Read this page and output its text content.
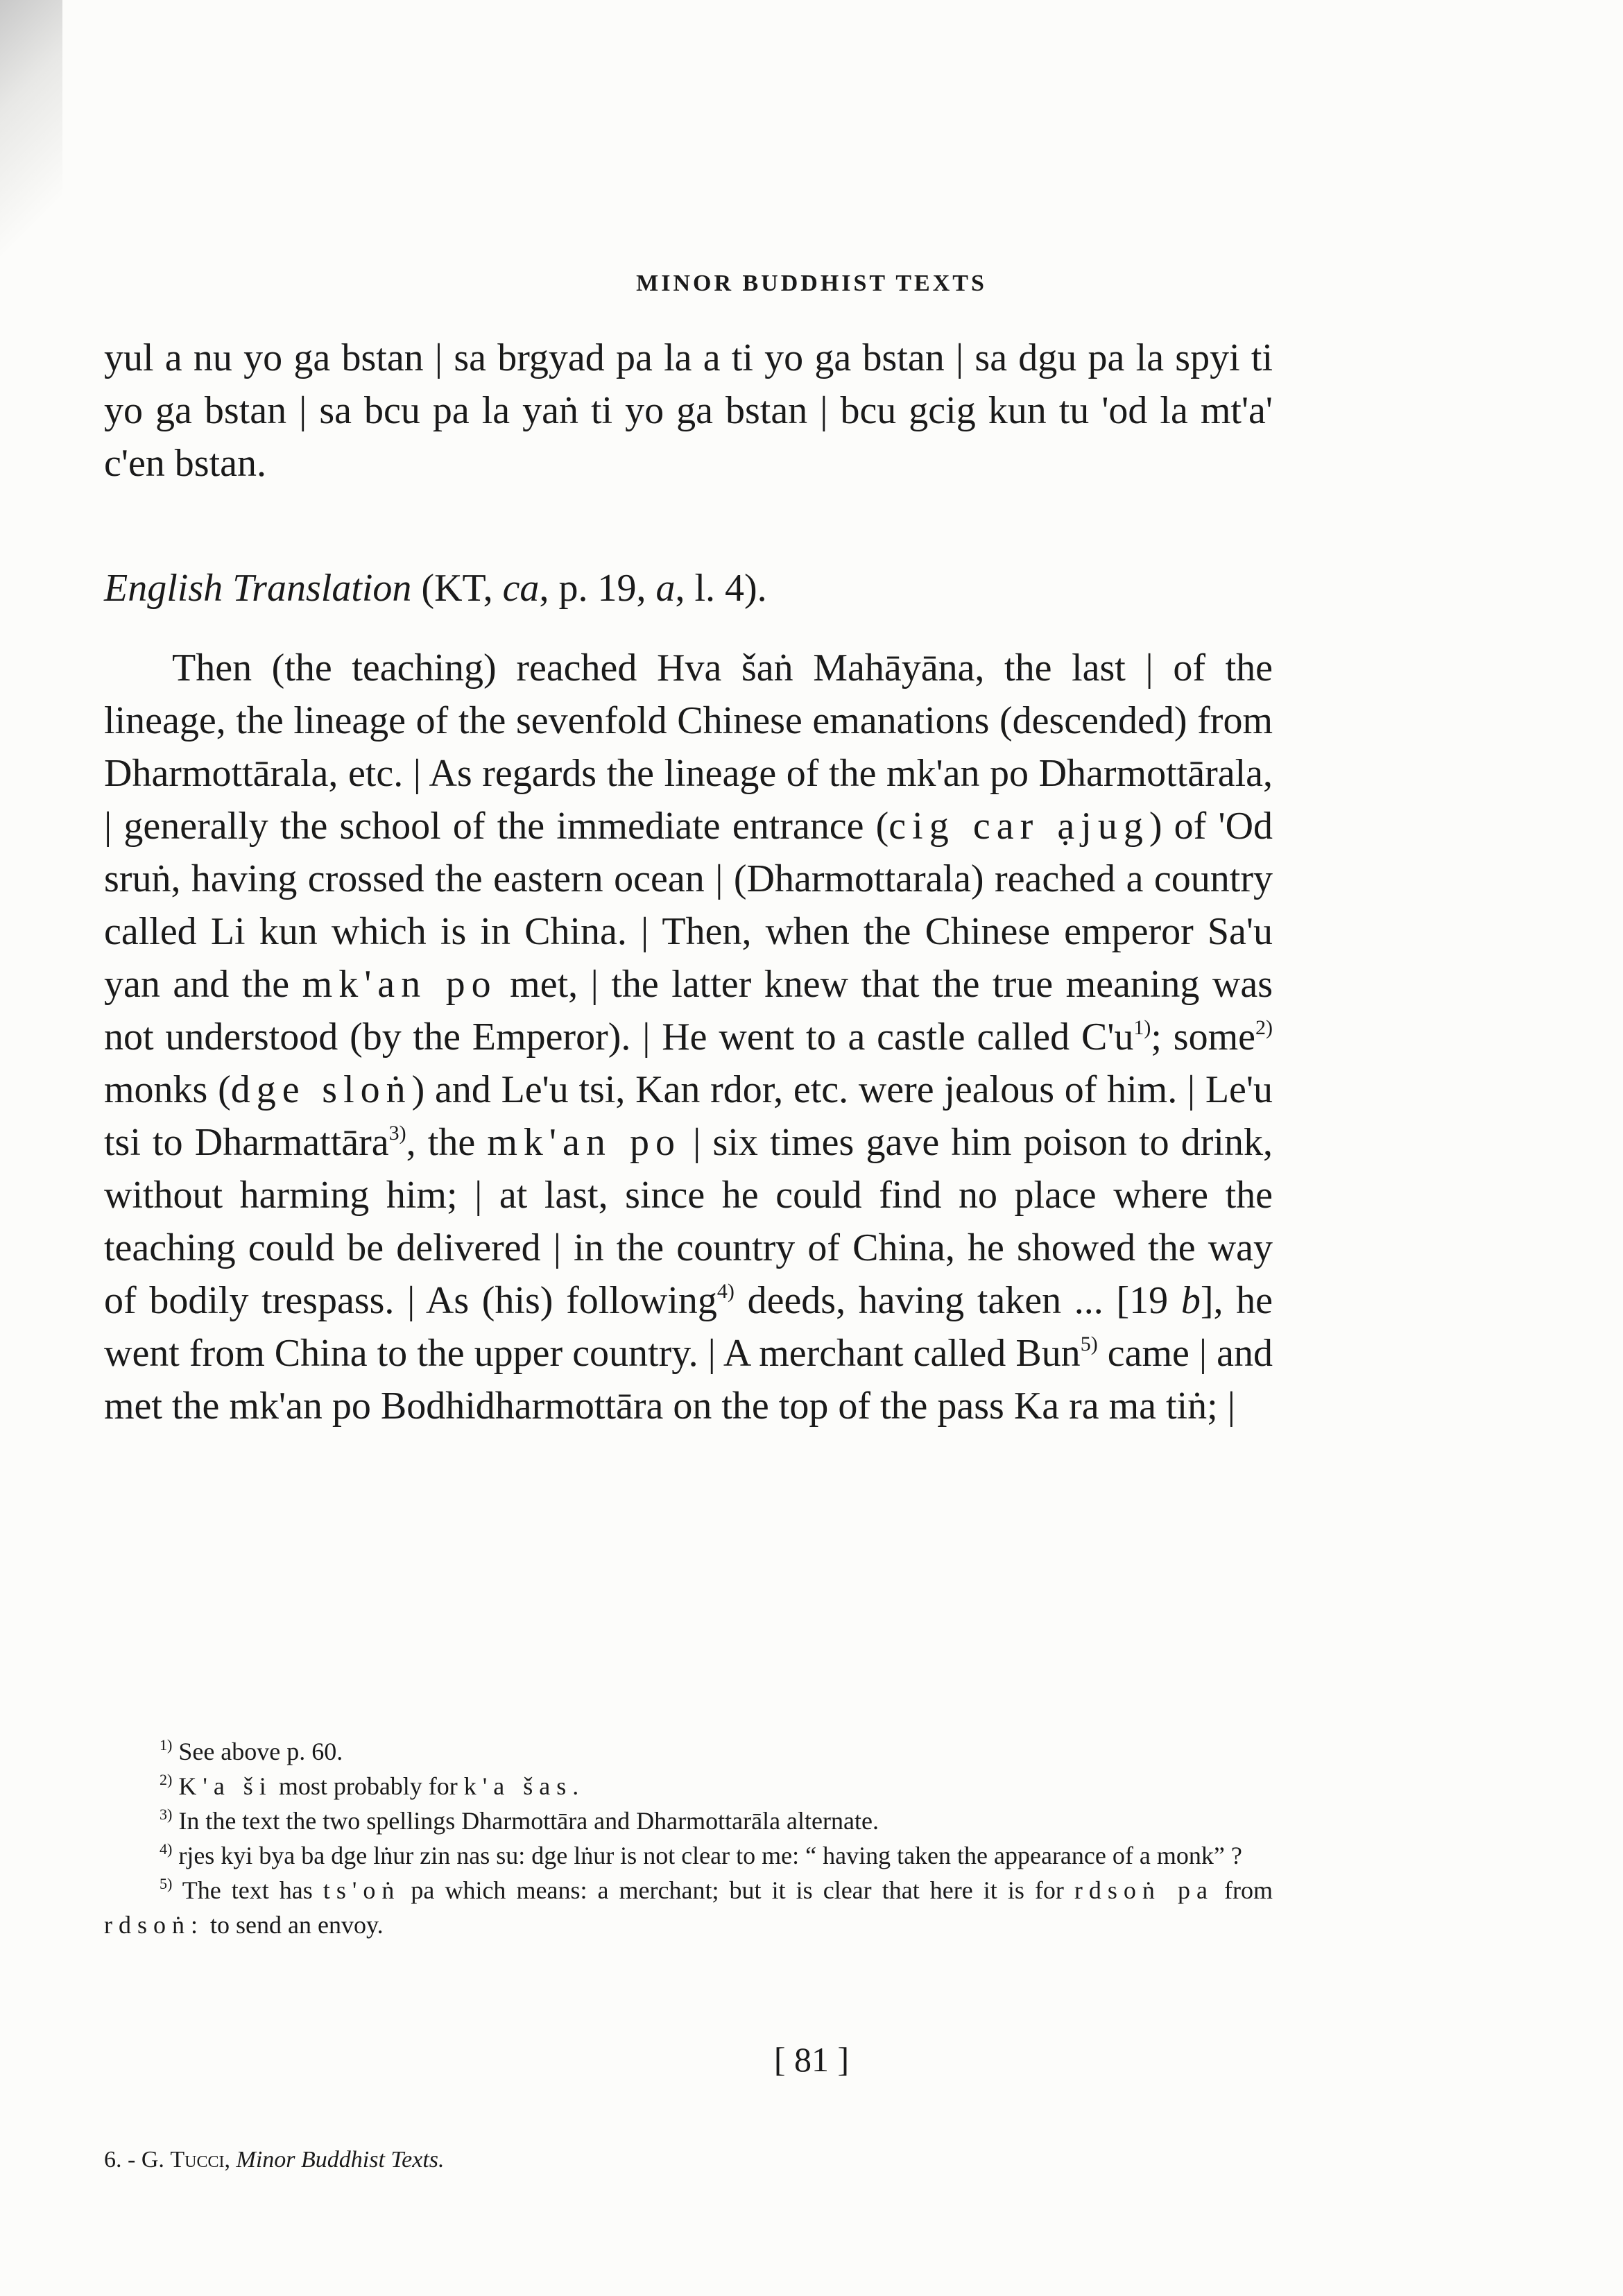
MINOR BUDDHIST TEXTS
yul a nu yo ga bstan | sa brgyad pa la a ti yo ga bstan | sa dgu pa la spyi ti yo ga bstan | sa bcu pa la yaṅ ti yo ga bstan | bcu gcig kun tu 'od la mt'a' c'en bstan.
English Translation (KT, ca, p. 19, a, l. 4).

Then (the teaching) reached Hva šaṅ Mahāyāna, the last | of the lineage, the lineage of the sevenfold Chinese emanations (descended) from Dharmottārala, etc. | As regards the lineage of the mk'an po Dharmottārala, | generally the school of the immediate entrance (cig car ạjug) of 'Od sruṅ, having crossed the eastern ocean | (Dharmottarala) reached a country called Li kun which is in China. | Then, when the Chinese emperor Sa'u yan and the mk'an po met, | the latter knew that the true meaning was not understood (by the Emperor). | He went to a castle called $C'u^{1)}$; some$^{2)}$ monks (dge sloṅ) and Le'u tsi, Kan rdor, etc. were jealous of him. | Le'u tsi to Dharmattāra$^{3)}$, the mk'an po | six times gave him poison to drink, without harming him; | at last, since he could find no place where the teaching could be delivered | in the country of China, he showed the way of bodily trespass. | As (his) following$^{4)}$ deeds, having taken ... [19 b], he went from China to the upper country. | A merchant called Bun$^{5)}$ came | and met the mk'an po Bodhidharmottāra on the top of the pass Ka ra ma tiṅ; |

$^{1)}$ See above p. 60.

$^{2)}$ K'a ši most probably for k'a šas.

$^{3)}$ In the text the two spellings Dharmottāra and Dharmottarāla alternate.

$^{4)}$ rjes kyi bya ba dge lṅur zin nas su: dge lṅur is not clear to me: “ having taken the appearance of a monk” ?

$^{5)}$ The text has ts'oṅ pa which means: a merchant; but it is clear that here it is for rdsoṅ pa from rdsoṅ: to send an envoy.

[ 81 ]
6. - G. Tucci, Minor Buddhist Texts.
